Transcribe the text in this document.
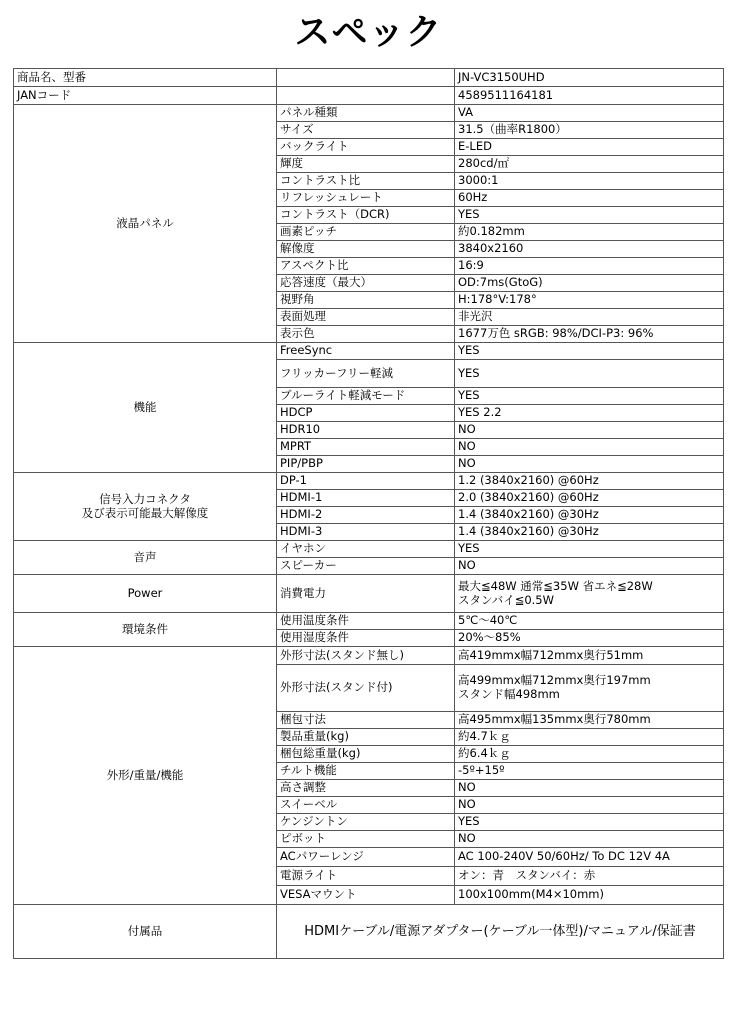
スペック
商品名、型番		JN-VC3150UHD
JANコード		4589511164181
液晶パネル	パネル種類	VA
	サイズ	31.5（曲率R1800）
	バックライト	E-LED
	輝度	280cd/㎡
	コントラスト比	3000:1
	リフレッシュレート	60Hz
	コントラスト（DCR)	YES
	画素ピッチ	約0.182mm
	解像度	3840x2160
	アスペクト比	16:9
	応答速度（最大）	OD:7ms(GtoG)
	視野角	H:178°V:178°
	表面処理	非光沢
	表示色	1677万色 sRGB: 98%/DCI-P3: 96%
機能	FreeSync	YES
	フリッカーフリー軽減	YES
	ブルーライト軽減モード	YES
	HDCP	YES 2.2
	HDR10	NO
	MPRT	NO
	PIP/PBP	NO

信号入力コネクタ
及び表示可能最大解像度	DP-1	1.2 (3840x2160) @60Hz
	HDMI-1	2.0 (3840x2160) @60Hz
	HDMI-2	1.4 (3840x2160) @30Hz
	HDMI-3	1.4 (3840x2160) @30Hz
音声	イヤホン	YES
	スピーカー	NO
Power	消費電力	最大≦48W 通常≦35W 省エネ≦28W
スタンバイ≦0.5W

環境条件	使用温度条件	5℃～40℃
	使用湿度条件	20%～85%
外形/重量/機能	外形寸法(スタンド無し)	高419mmx幅712mmx奥行51mm
	外形寸法(スタンド付)	高499mmx幅712mmx奥行197mm
スタンド幅498mm

	梱包寸法	高495mmx幅135mmx奥行780mm
	製品重量(kg)	約4.7ｋｇ
	梱包総重量(kg)	約6.4ｋｇ
	チルト機能	-5º+15º
	高さ調整	NO
	スイーベル	NO
	ケンジントン	YES
	ピボット	NO
	ACパワーレンジ	AC 100-240V 50/60Hz/ To DC 12V 4A
	電源ライト	オン：青　スタンバイ：赤
	VESAマウント	100x100mm(M4×10mm)
付属品	HDMIケーブル/電源アダプター(ケーブル一体型)/マニュアル/保証書	
